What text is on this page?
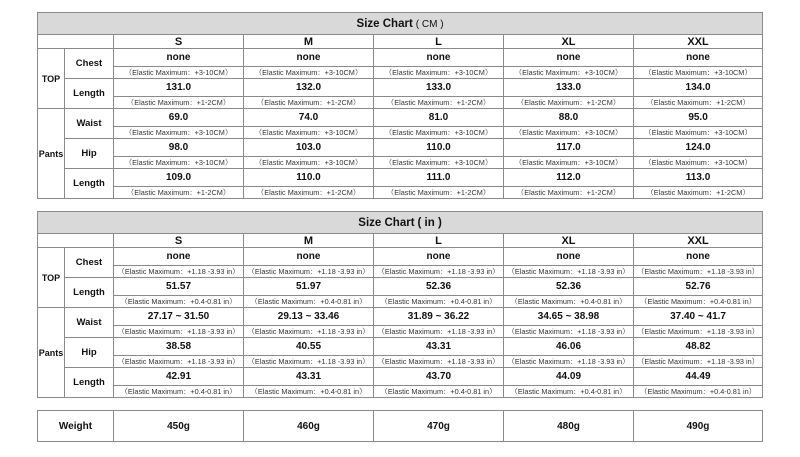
Size Chart ( CM )						
		S	M	L	XL	XXL
TOP	Chest	none	none	none	none	none
		（Elastic Maximum：+3-10CM）	（Elastic Maximum：+3-10CM）	（Elastic Maximum：+3-10CM）	（Elastic Maximum：+3-10CM）	（Elastic Maximum：+3-10CM）
	Length	131.0	132.0	133.0	133.0	134.0
		（Elastic Maximum：+1-2CM）	（Elastic Maximum：+1-2CM）	（Elastic Maximum：+1-2CM）	（Elastic Maximum：+1-2CM）	（Elastic Maximum：+1-2CM）
Pants	Waist	69.0	74.0	81.0	88.0	95.0
		（Elastic Maximum：+3-10CM）	（Elastic Maximum：+3-10CM）	（Elastic Maximum：+3-10CM）	（Elastic Maximum：+3-10CM）	（Elastic Maximum：+3-10CM）
	Hip	98.0	103.0	110.0	117.0	124.0
		（Elastic Maximum：+3-10CM）	（Elastic Maximum：+3-10CM）	（Elastic Maximum：+3-10CM）	（Elastic Maximum：+3-10CM）	（Elastic Maximum：+3-10CM）
	Length	109.0	110.0	111.0	112.0	113.0
		（Elastic Maximum：+1-2CM）	（Elastic Maximum：+1-2CM）	（Elastic Maximum：+1-2CM）	（Elastic Maximum：+1-2CM）	（Elastic Maximum：+1-2CM）
Size Chart ( in )						
		S	M	L	XL	XXL
TOP	Chest	none	none	none	none	none
		（Elastic Maximum：+1.18 -3.93 in）	（Elastic Maximum：+1.18 -3.93 in）	（Elastic Maximum：+1.18 -3.93 in）	（Elastic Maximum：+1.18 -3.93 in）	（Elastic Maximum：+1.18 -3.93 in）
	Length	51.57	51.97	52.36	52.36	52.76
		（Elastic Maximum：+0.4-0.81 in）	（Elastic Maximum：+0.4-0.81 in）	（Elastic Maximum：+0.4-0.81 in）	（Elastic Maximum：+0.4-0.81 in）	（Elastic Maximum：+0.4-0.81 in）
Pants	Waist	27.17 ~ 31.50	29.13 ~ 33.46	31.89 ~ 36.22	34.65 ~ 38.98	37.40 ~ 41.7
		（Elastic Maximum：+1.18 -3.93 in）	（Elastic Maximum：+1.18 -3.93 in）	（Elastic Maximum：+1.18 -3.93 in）	（Elastic Maximum：+1.18 -3.93 in）	（Elastic Maximum：+1.18 -3.93 in）
	Hip	38.58	40.55	43.31	46.06	48.82
		（Elastic Maximum：+1.18 -3.93 in）	（Elastic Maximum：+1.18 -3.93 in）	（Elastic Maximum：+1.18 -3.93 in）	（Elastic Maximum：+1.18 -3.93 in）	（Elastic Maximum：+1.18 -3.93 in）
	Length	42.91	43.31	43.70	44.09	44.49
		（Elastic Maximum：+0.4-0.81 in）	（Elastic Maximum：+0.4-0.81 in）	（Elastic Maximum：+0.4-0.81 in）	（Elastic Maximum：+0.4-0.81 in）	（Elastic Maximum：+0.4-0.81 in）
Weight	450g	460g	470g	480g	490g
